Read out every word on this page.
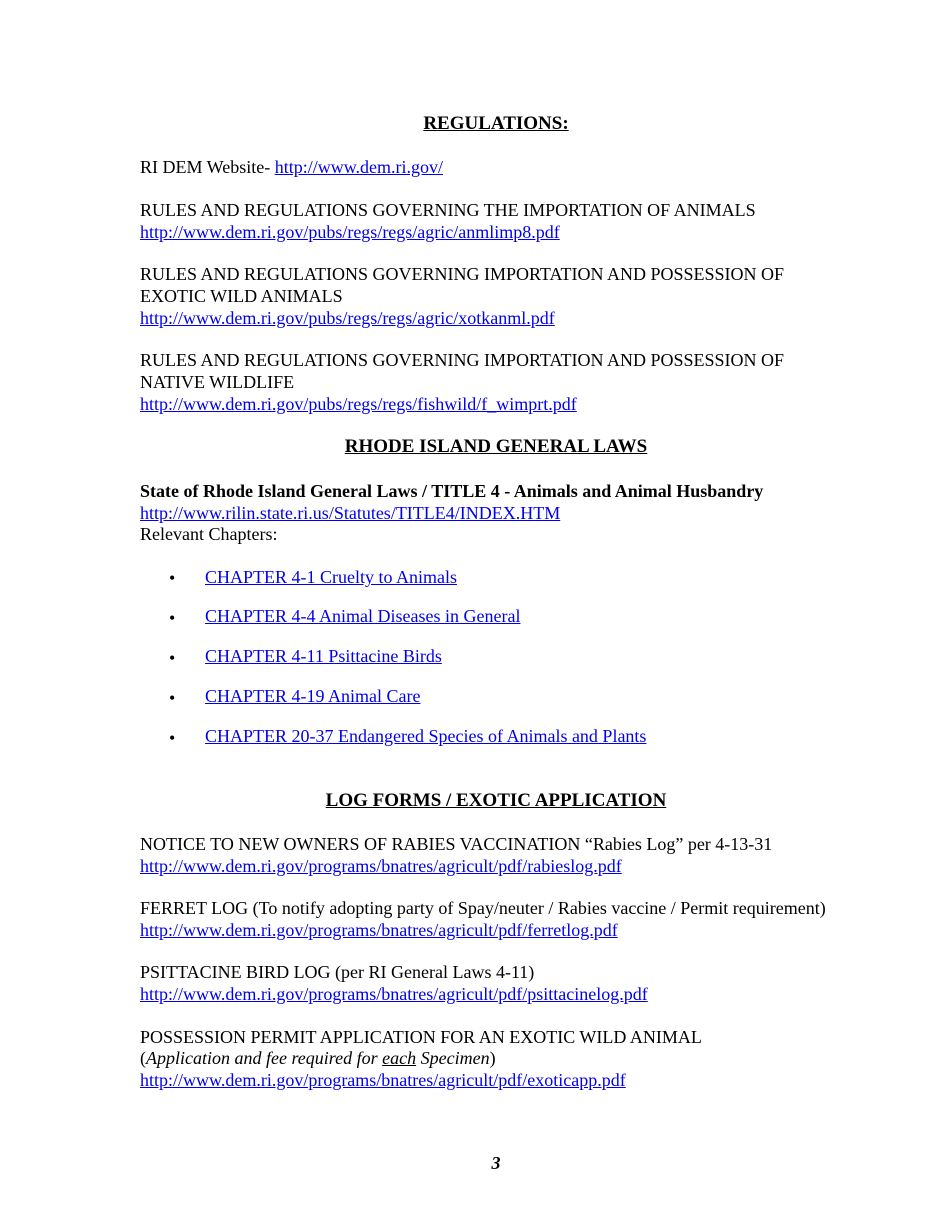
REGULATIONS:
RI DEM Website- http://www.dem.ri.gov/
RULES AND REGULATIONS GOVERNING THE IMPORTATION OF ANIMALS
http://www.dem.ri.gov/pubs/regs/regs/agric/anmlimp8.pdf
RULES AND REGULATIONS GOVERNING IMPORTATION AND POSSESSION OF
EXOTIC WILD ANIMALS
http://www.dem.ri.gov/pubs/regs/regs/agric/xotkanml.pdf
RULES AND REGULATIONS GOVERNING IMPORTATION AND POSSESSION OF
NATIVE WILDLIFE
http://www.dem.ri.gov/pubs/regs/regs/fishwild/f_wimprt.pdf
RHODE ISLAND GENERAL LAWS
State of Rhode Island General Laws / TITLE 4 - Animals and Animal Husbandry
http://www.rilin.state.ri.us/Statutes/TITLE4/INDEX.HTM
Relevant Chapters:
• CHAPTER 4-1 Cruelty to Animals
• CHAPTER 4-4 Animal Diseases in General
• CHAPTER 4-11 Psittacine Birds
• CHAPTER 4-19 Animal Care
• CHAPTER 20-37 Endangered Species of Animals and Plants
LOG FORMS / EXOTIC APPLICATION
NOTICE TO NEW OWNERS OF RABIES VACCINATION “Rabies Log” per 4-13-31
http://www.dem.ri.gov/programs/bnatres/agricult/pdf/rabieslog.pdf
FERRET LOG (To notify adopting party of Spay/neuter / Rabies vaccine / Permit requirement)
http://www.dem.ri.gov/programs/bnatres/agricult/pdf/ferretlog.pdf
PSITTACINE BIRD LOG (per RI General Laws 4-11)
http://www.dem.ri.gov/programs/bnatres/agricult/pdf/psittacinelog.pdf
POSSESSION PERMIT APPLICATION FOR AN EXOTIC WILD ANIMAL
(Application and fee required for each Specimen)
http://www.dem.ri.gov/programs/bnatres/agricult/pdf/exoticapp.pdf
3
